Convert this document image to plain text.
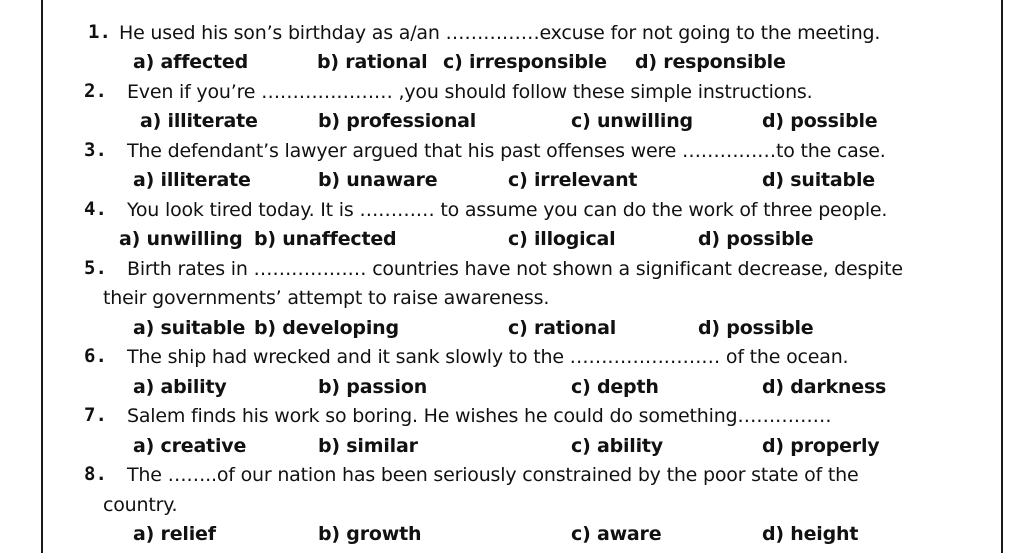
1. He used his son’s birthday as a/an ……………excuse for not going to the meeting.
a) affected	b) rational c) irresponsible d) responsible
2. Even if you’re ………………… ,you should follow these simple instructions.
a) illiterate	b) professional	c) unwilling	d) possible
3. The defendant’s lawyer argued that his past offenses were ……………to the case.
a) illiterate	b) unaware	c) irrelevant	d) suitable
4. You look tired today. It is ………… to assume you can do the work of three people.
a) unwilling b) unaffected	c) illogical	d) possible
5. Birth rates in ……………… countries have not shown a significant decrease, despite
their governments’ attempt to raise awareness.
a) suitable b) developing	c) rational	d) possible
6. The ship had wrecked and it sank slowly to the …………………… of the ocean.
a) ability	b) passion	c) depth	d) darkness
7. Salem finds his work so boring. He wishes he could do something……………
a) creative	b) similar	c) ability	d) properly
8. The ……..of our nation has been seriously constrained by the poor state of the
country.
a) relief	b) growth	c) aware	d) height
